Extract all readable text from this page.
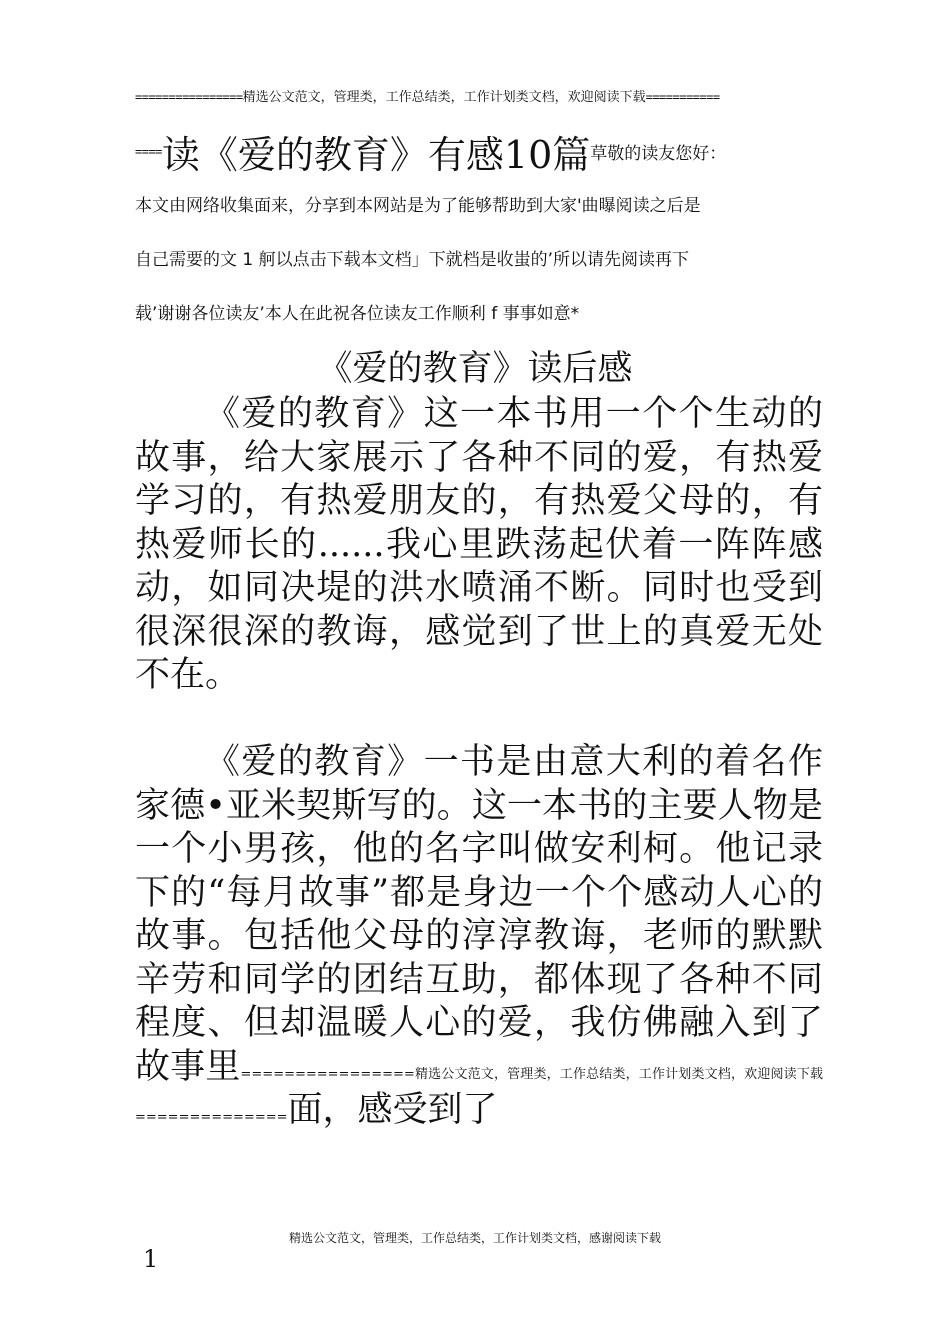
================精选公文范文，管理类，工作总结类，工作计划类文档，欢迎阅读下载===========
====读《爱的教育》有感10篇草敬的读友您好：
本文由网络收集面来，分享到本网站是为了能够帮助到大家'曲曝阅读之后是
自己需要的文 1 舸以点击下载本文档」下就档是收蚩的’所以请先阅读再下
载’谢谢各位读友’本人在此祝各位读友工作顺利 f 事事如意*
《爱的教育》读后感

《爱的教育》这一本书用一个个生动的故事，给大家展示了各种不同的爱，有热爱学习的，有热爱朋友的，有热爱父母的，有热爱师长的......我心里跌荡起伏着一阵阵感动，如同决堤的洪水喷涌不断。同时也受到很深很深的教诲，感觉到了世上的真爱无处不在。

《爱的教育》一书是由意大利的着名作家德•亚米契斯写的。这一本书的主要人物是一个小男孩，他的名字叫做安利柯。他记录下的“每月故事”都是身边一个个感动人心的故事。包括他父母的淳淳教诲，老师的默默辛劳和同学的团结互助，都体现了各种不同程度、但却温暖人心的爱，我仿佛融入到了故事里================精选公文范文，管理类，工作总结类，工作计划类文档，欢迎阅读下载==============面，感受到了

精选公文范文，管理类，工作总结类，工作计划类文档，感谢阅读下载
1
